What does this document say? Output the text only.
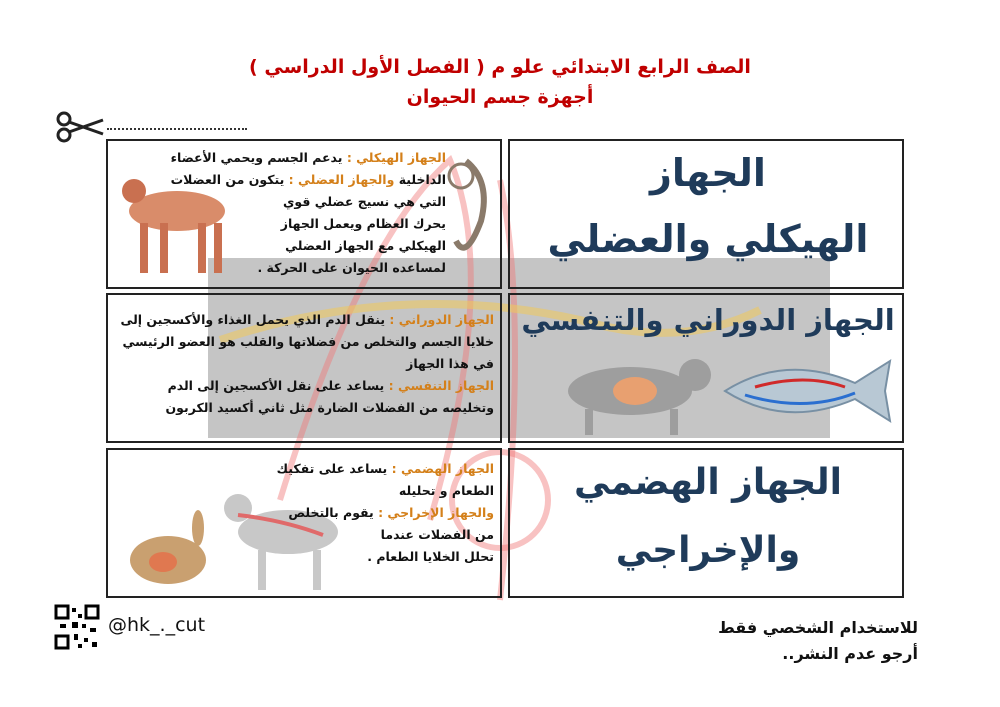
الصف الرابع الابتدائي علو م ( الفصل الأول الدراسي )
أجهزة جسم الحيوان
الجهاز الهيكلي : يدعم الجسم ويحمي الأعضاء
الداخلية والجهاز العضلي : يتكون من العضلات
التي هي نسيج عضلي قوي
يحرك العظام ويعمل الجهاز
الهيكلي مع الجهاز العضلي
لمساعده الحيوان على الحركة .
الجهاز
الهيكلي والعضلي
الجهاز الدوراني : ينقل الدم الذي يحمل الغذاء والأكسجين إلى
خلايا الجسم والتخلص من فضلاتها والقلب هو العضو الرئيسي
في هذا الجهاز
الجهاز التنفسي : يساعد على نقل الأكسجين إلى الدم
وتخليصه من الفضلات الضارة مثل ثاني أكسيد الكربون
الجهاز الدوراني والتنفسي
الجهاز الهضمي : يساعد على تفكيك الطعام و تحليله
والجهاز الإخراجي : يقوم بالتخلص
من الفضلات عندما
تحلل الخلايا الطعام .
الجهاز الهضمي
والإخراجي
@hk_._cut	للاستخدام الشخصي فقط
أرجو عدم النشر..
